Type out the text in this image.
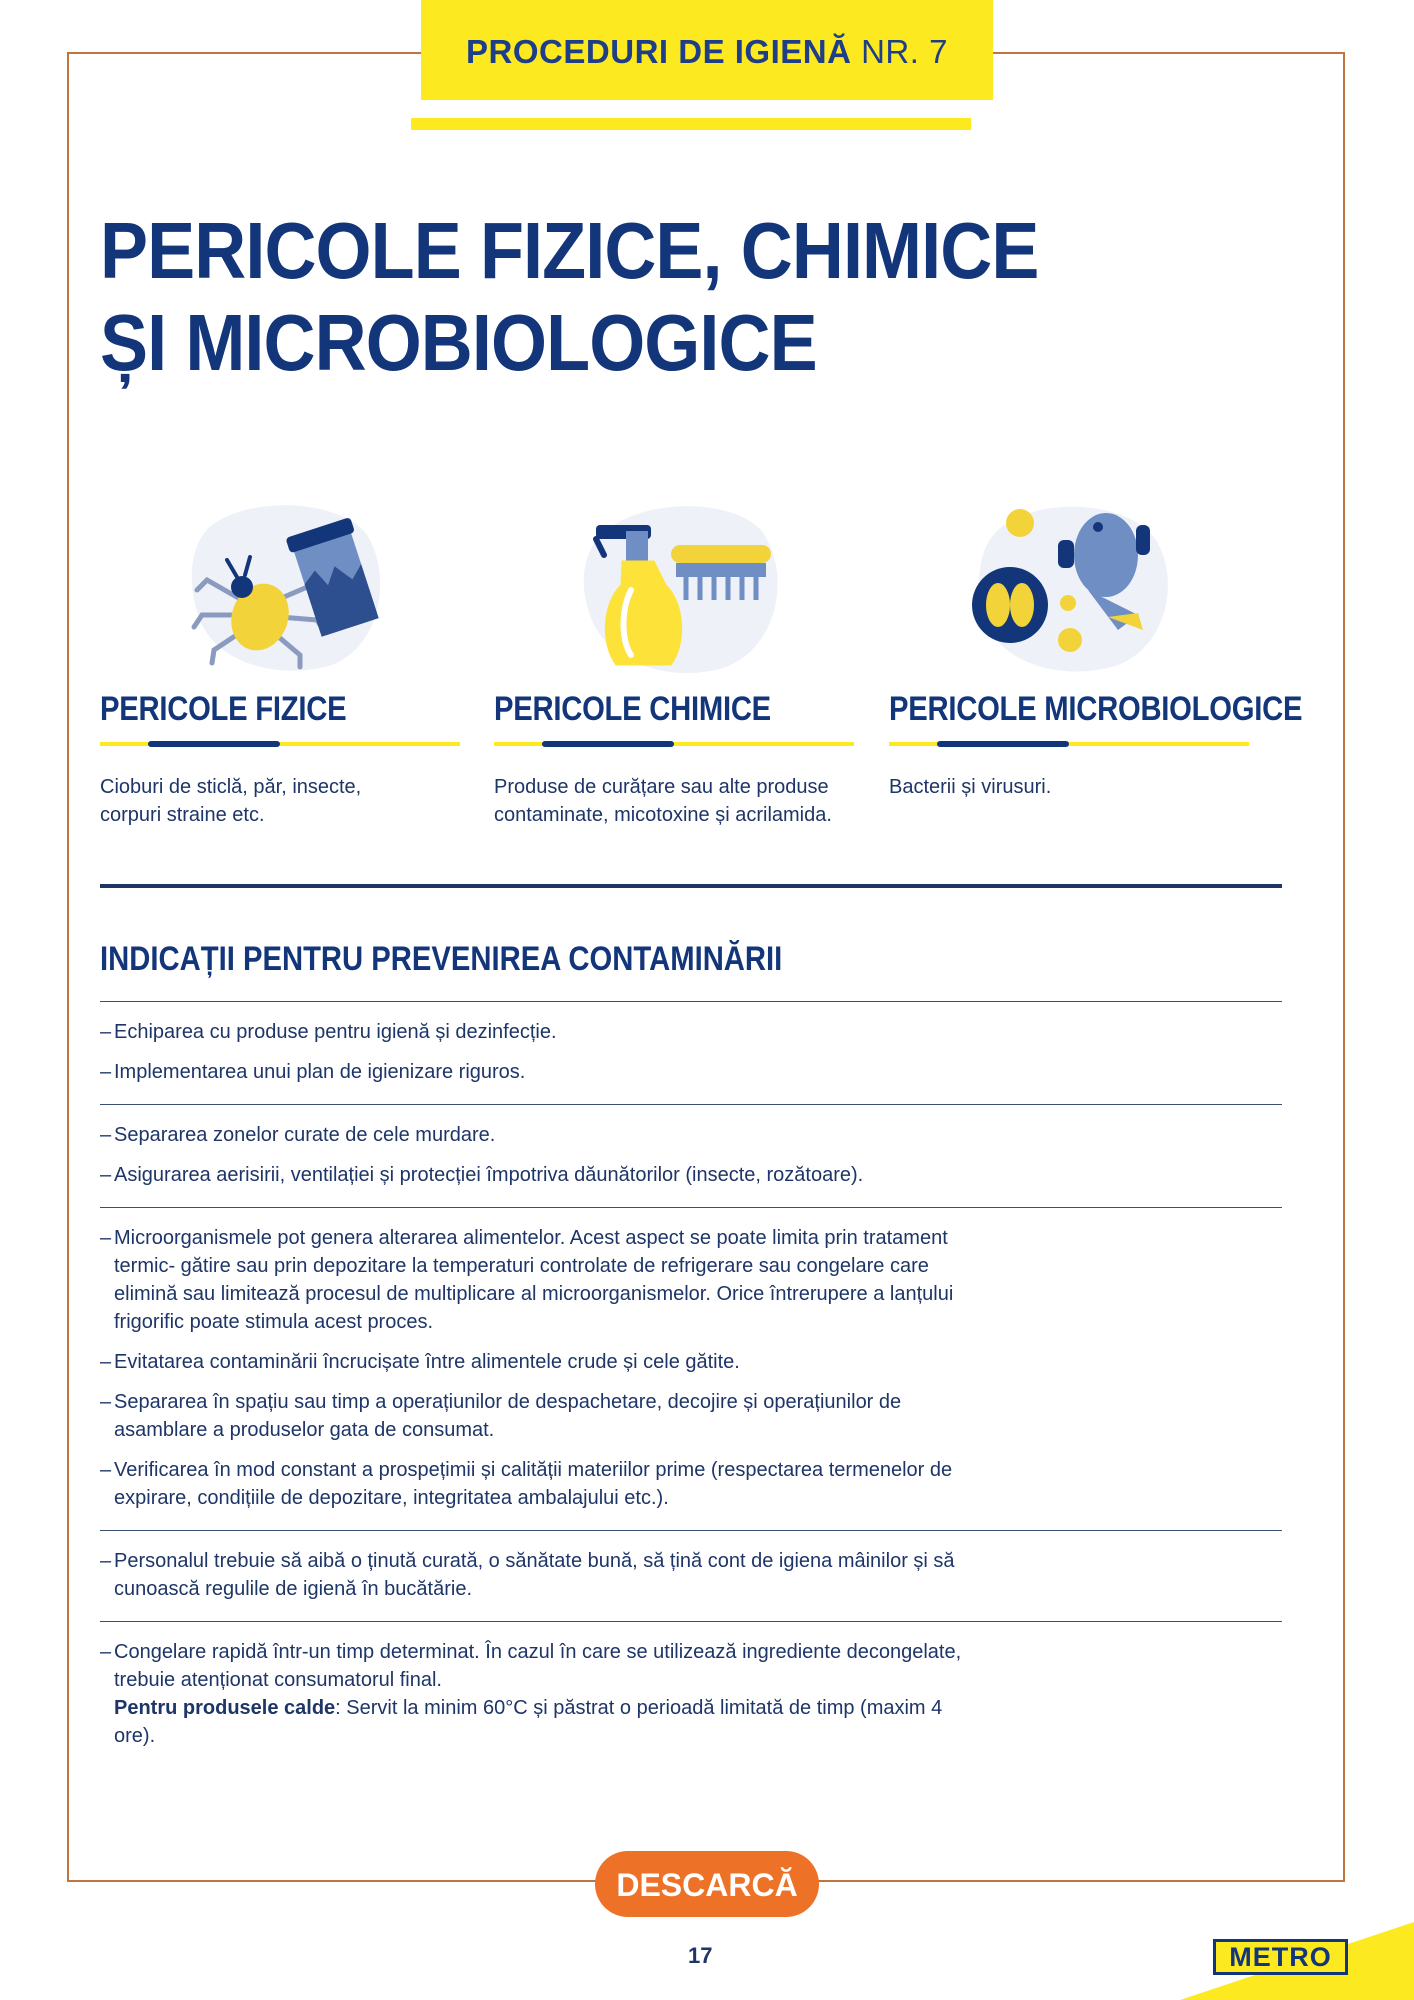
PROCEDURI DE IGIENĂ NR. 7
PERICOLE FIZICE, CHIMICE
ȘI MICROBIOLOGICE
PERICOLE FIZICE

Cioburi de sticlă, păr, insecte,
corpuri straine etc.

PERICOLE CHIMICE

Produse de curățare sau alte produse
contaminate, micotoxine și acrilamida.

PERICOLE MICROBIOLOGICE

Bacterii și virusuri.

INDICAȚII PENTRU PREVENIREA CONTAMINĂRII
– Echiparea cu produse pentru igienă și dezinfecție.
– Implementarea unui plan de igienizare riguros.
– Separarea zonelor curate de cele murdare.
– Asigurarea aerisirii, ventilației și protecției împotriva dăunătorilor (insecte, rozătoare).
– Microorganismele pot genera alterarea alimentelor. Acest aspect se poate limita prin tratament termic- gătire sau prin depozitare la temperaturi controlate de refrigerare sau congelare care elimină sau limitează procesul de multiplicare al microorganismelor. Orice întrerupere a lanțului frigorific poate stimula acest proces.
– Evitatarea contaminării încrucișate între alimentele crude și cele gătite.
– Separarea în spațiu sau timp a operațiunilor de despachetare, decojire și operațiunilor de asamblare a produselor gata de consumat.
– Verificarea în mod constant a prospețimii și calității materiilor prime (respectarea termenelor de expirare, condițiile de depozitare, integritatea ambalajului etc.).
– Personalul trebuie să aibă o ținută curată, o sănătate bună, să țină cont de igiena mâinilor și să cunoască regulile de igienă în bucătărie.
– Congelare rapidă într-un timp determinat. În cazul în care se utilizează ingrediente decongelate, trebuie atenționat consumatorul final.
Pentru produsele calde: Servit la minim 60°C și păstrat o perioadă limitată de timp (maxim 4 ore).
DESCARCĂ
17	METRO
